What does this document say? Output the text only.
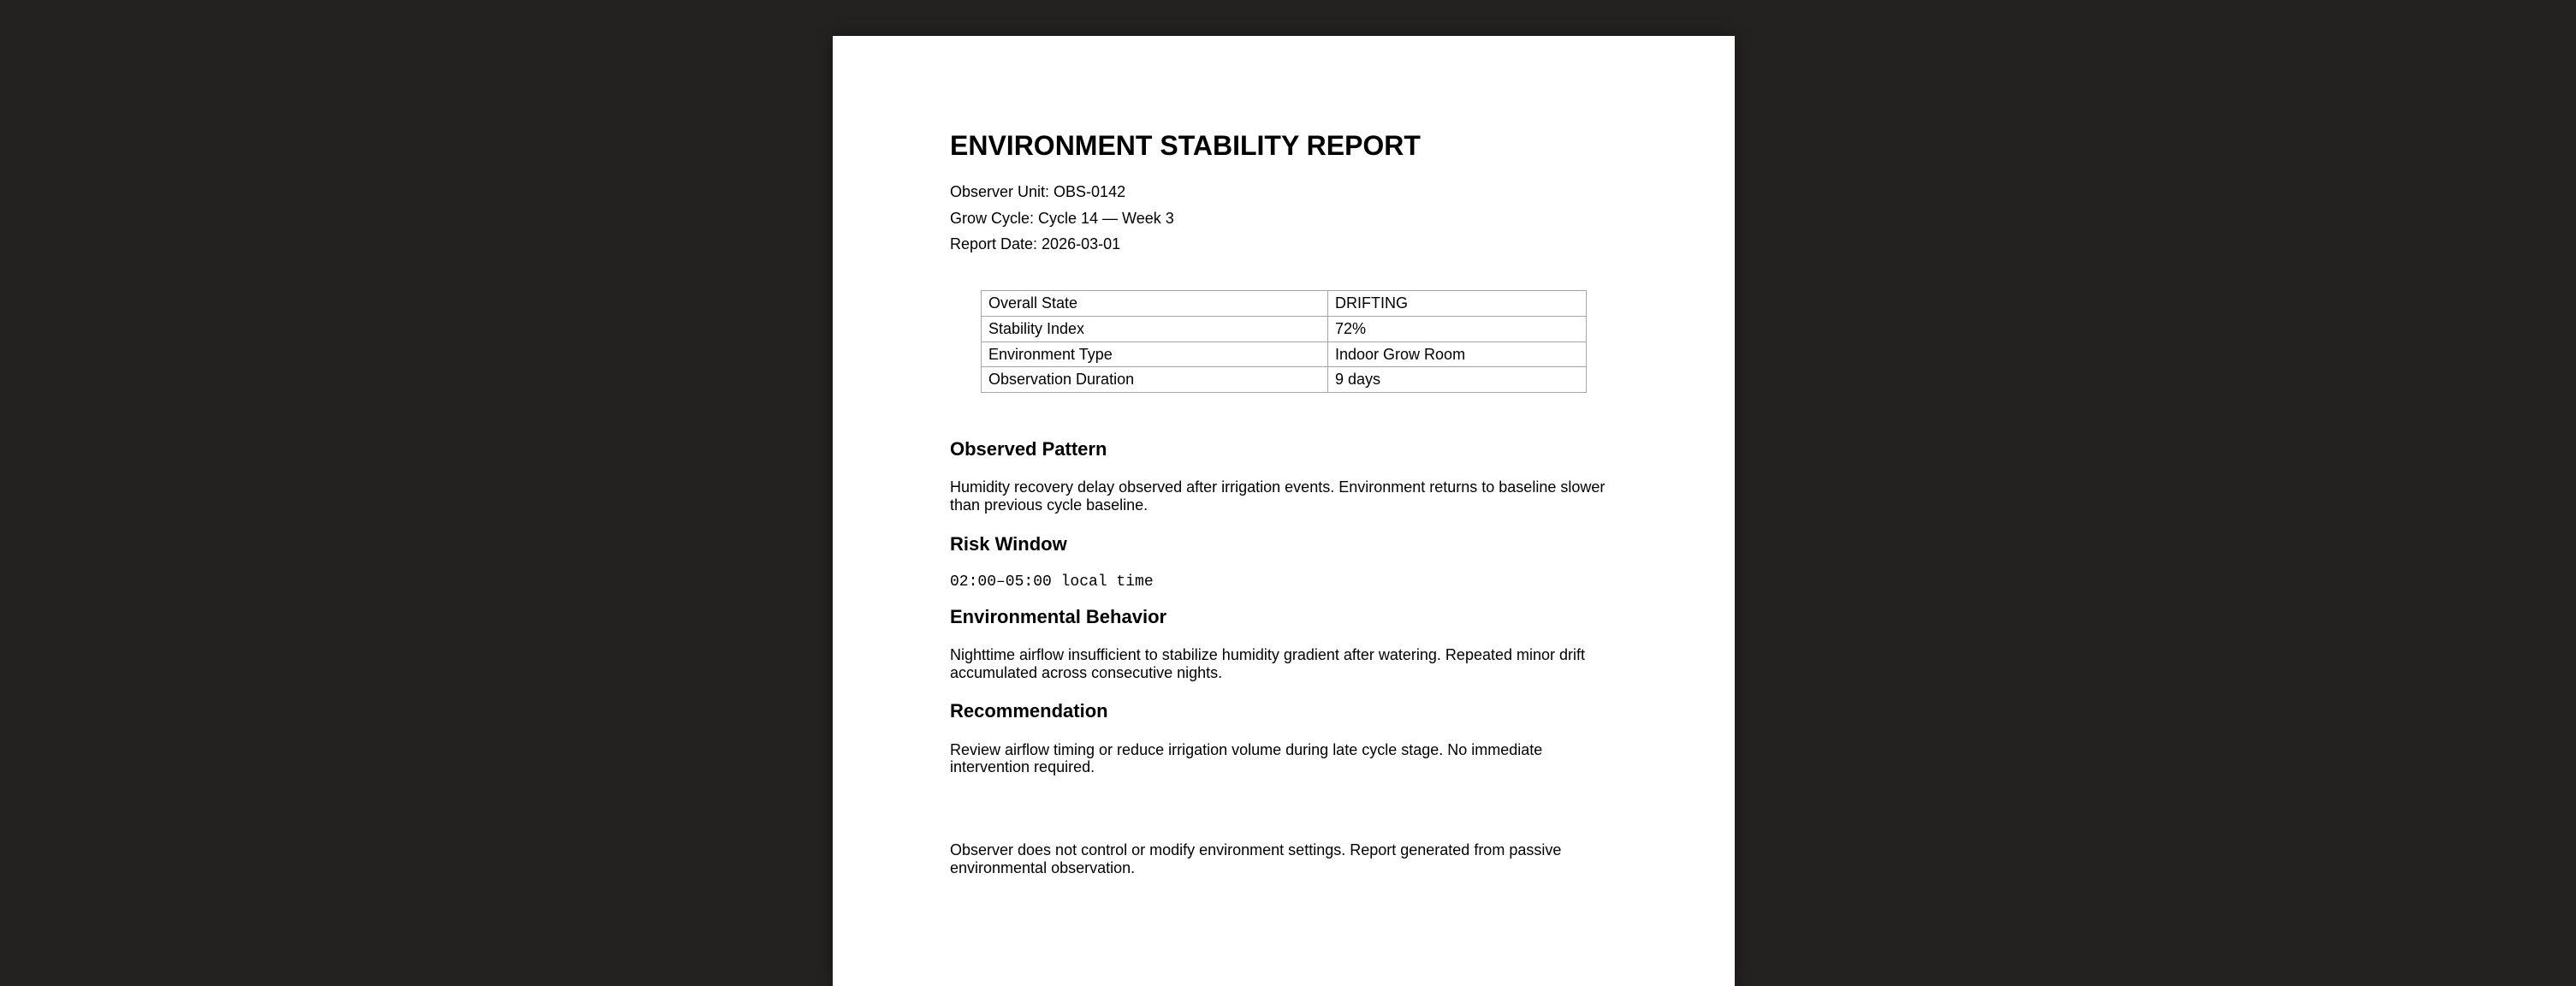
ENVIRONMENT STABILITY REPORT

Observer Unit: OBS-0142

Grow Cycle: Cycle 14 — Week 3

Report Date: 2026-03-01

Overall State	DRIFTING
Stability Index	72%
Environment Type	Indoor Grow Room
Observation Duration	9 days
Observed Pattern

Humidity recovery delay observed after irrigation events. Environment returns to baseline slower than previous cycle baseline.

Risk Window

02:00–05:00 local time

Environmental Behavior

Nighttime airflow insufficient to stabilize humidity gradient after watering. Repeated minor drift accumulated across consecutive nights.

Recommendation

Review airflow timing or reduce irrigation volume during late cycle stage. No immediate intervention required.

Observer does not control or modify environment settings. Report generated from passive environmental observation.
